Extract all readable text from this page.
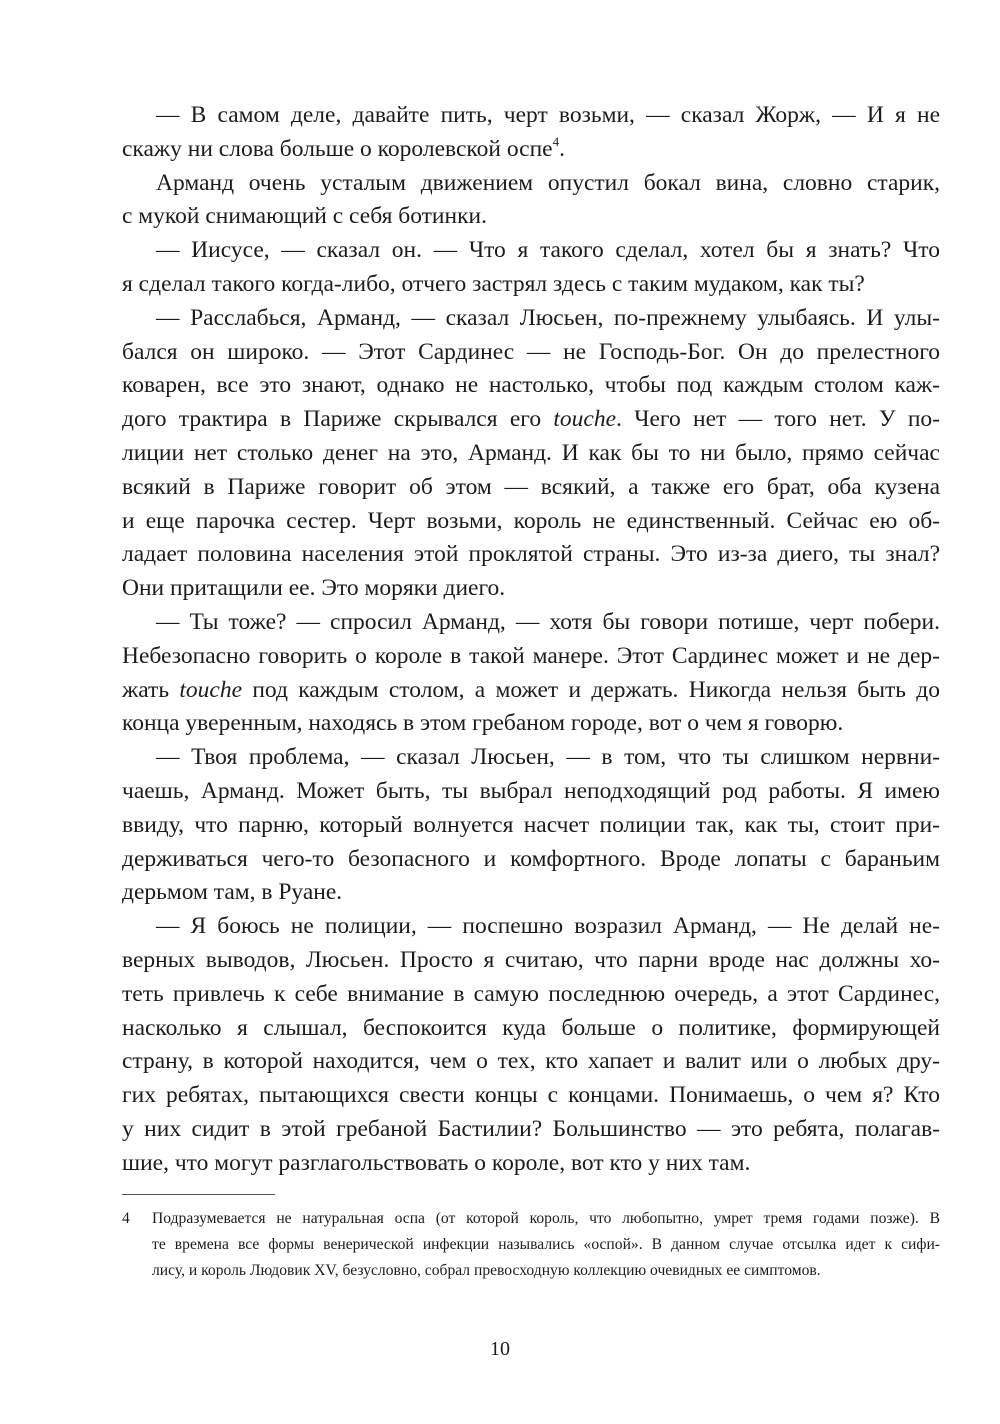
— В самом деле, давайте пить, черт возьми, — сказал Жорж, — И я не
скажу ни слова больше о королевской оспе$^4$.
Арманд очень усталым движением опустил бокал вина, словно старик,
с мукой снимающий с себя ботинки.
— Иисусе, — сказал он. — Что я такого сделал, хотел бы я знать? Что
я сделал такого когда-либо, отчего застрял здесь с таким мудаком, как ты?
— Расслабься, Арманд, — сказал Люсьен, по-прежнему улыбаясь. И улы-
бался он широко. — Этот Сардинес — не Господь-Бог. Он до прелестного
коварен, все это знают, однако не настолько, чтобы под каждым столом каж-
дого трактира в Париже скрывался его touche. Чего нет — того нет. У по-
лиции нет столько денег на это, Арманд. И как бы то ни было, прямо сейчас
всякий в Париже говорит об этом — всякий, а также его брат, оба кузена
и еще парочка сестер. Черт возьми, король не единственный. Сейчас ею об-
ладает половина населения этой проклятой страны. Это из-за диего, ты знал?
Они притащили ее. Это моряки диего.
— Ты тоже? — спросил Арманд, — хотя бы говори потише, черт побери.
Небезопасно говорить о короле в такой манере. Этот Сардинес может и не дер-
жать touche под каждым столом, а может и держать. Никогда нельзя быть до
конца уверенным, находясь в этом гребаном городе, вот о чем я говорю.
— Твоя проблема, — сказал Люсьен, — в том, что ты слишком нервни-
чаешь, Арманд. Может быть, ты выбрал неподходящий род работы. Я имею
ввиду, что парню, который волнуется насчет полиции так, как ты, стоит при-
держиваться чего-то безопасного и комфортного. Вроде лопаты с бараньим
дерьмом там, в Руане.
— Я боюсь не полиции, — поспешно возразил Арманд, — Не делай не-
верных выводов, Люсьен. Просто я считаю, что парни вроде нас должны хо-
теть привлечь к себе внимание в самую последнюю очередь, а этот Сардинес,
насколько я слышал, беспокоится куда больше о политике, формирующей
страну, в которой находится, чем о тех, кто хапает и валит или о любых дру-
гих ребятах, пытающихся свести концы с концами. Понимаешь, о чем я? Кто
у них сидит в этой гребаной Бастилии? Большинство — это ребята, полагав-
шие, что могут разглагольствовать о короле, вот кто у них там.
4 Подразумевается не натуральная оспа (от которой король, что любопытно, умрет тремя годами позже). В
те времена все формы венерической инфекции назывались «оспой». В данном случае отсылка идет к сифи-
лису, и король Людовик XV, безусловно, собрал превосходную коллекцию очевидных ее симптомов.
10
